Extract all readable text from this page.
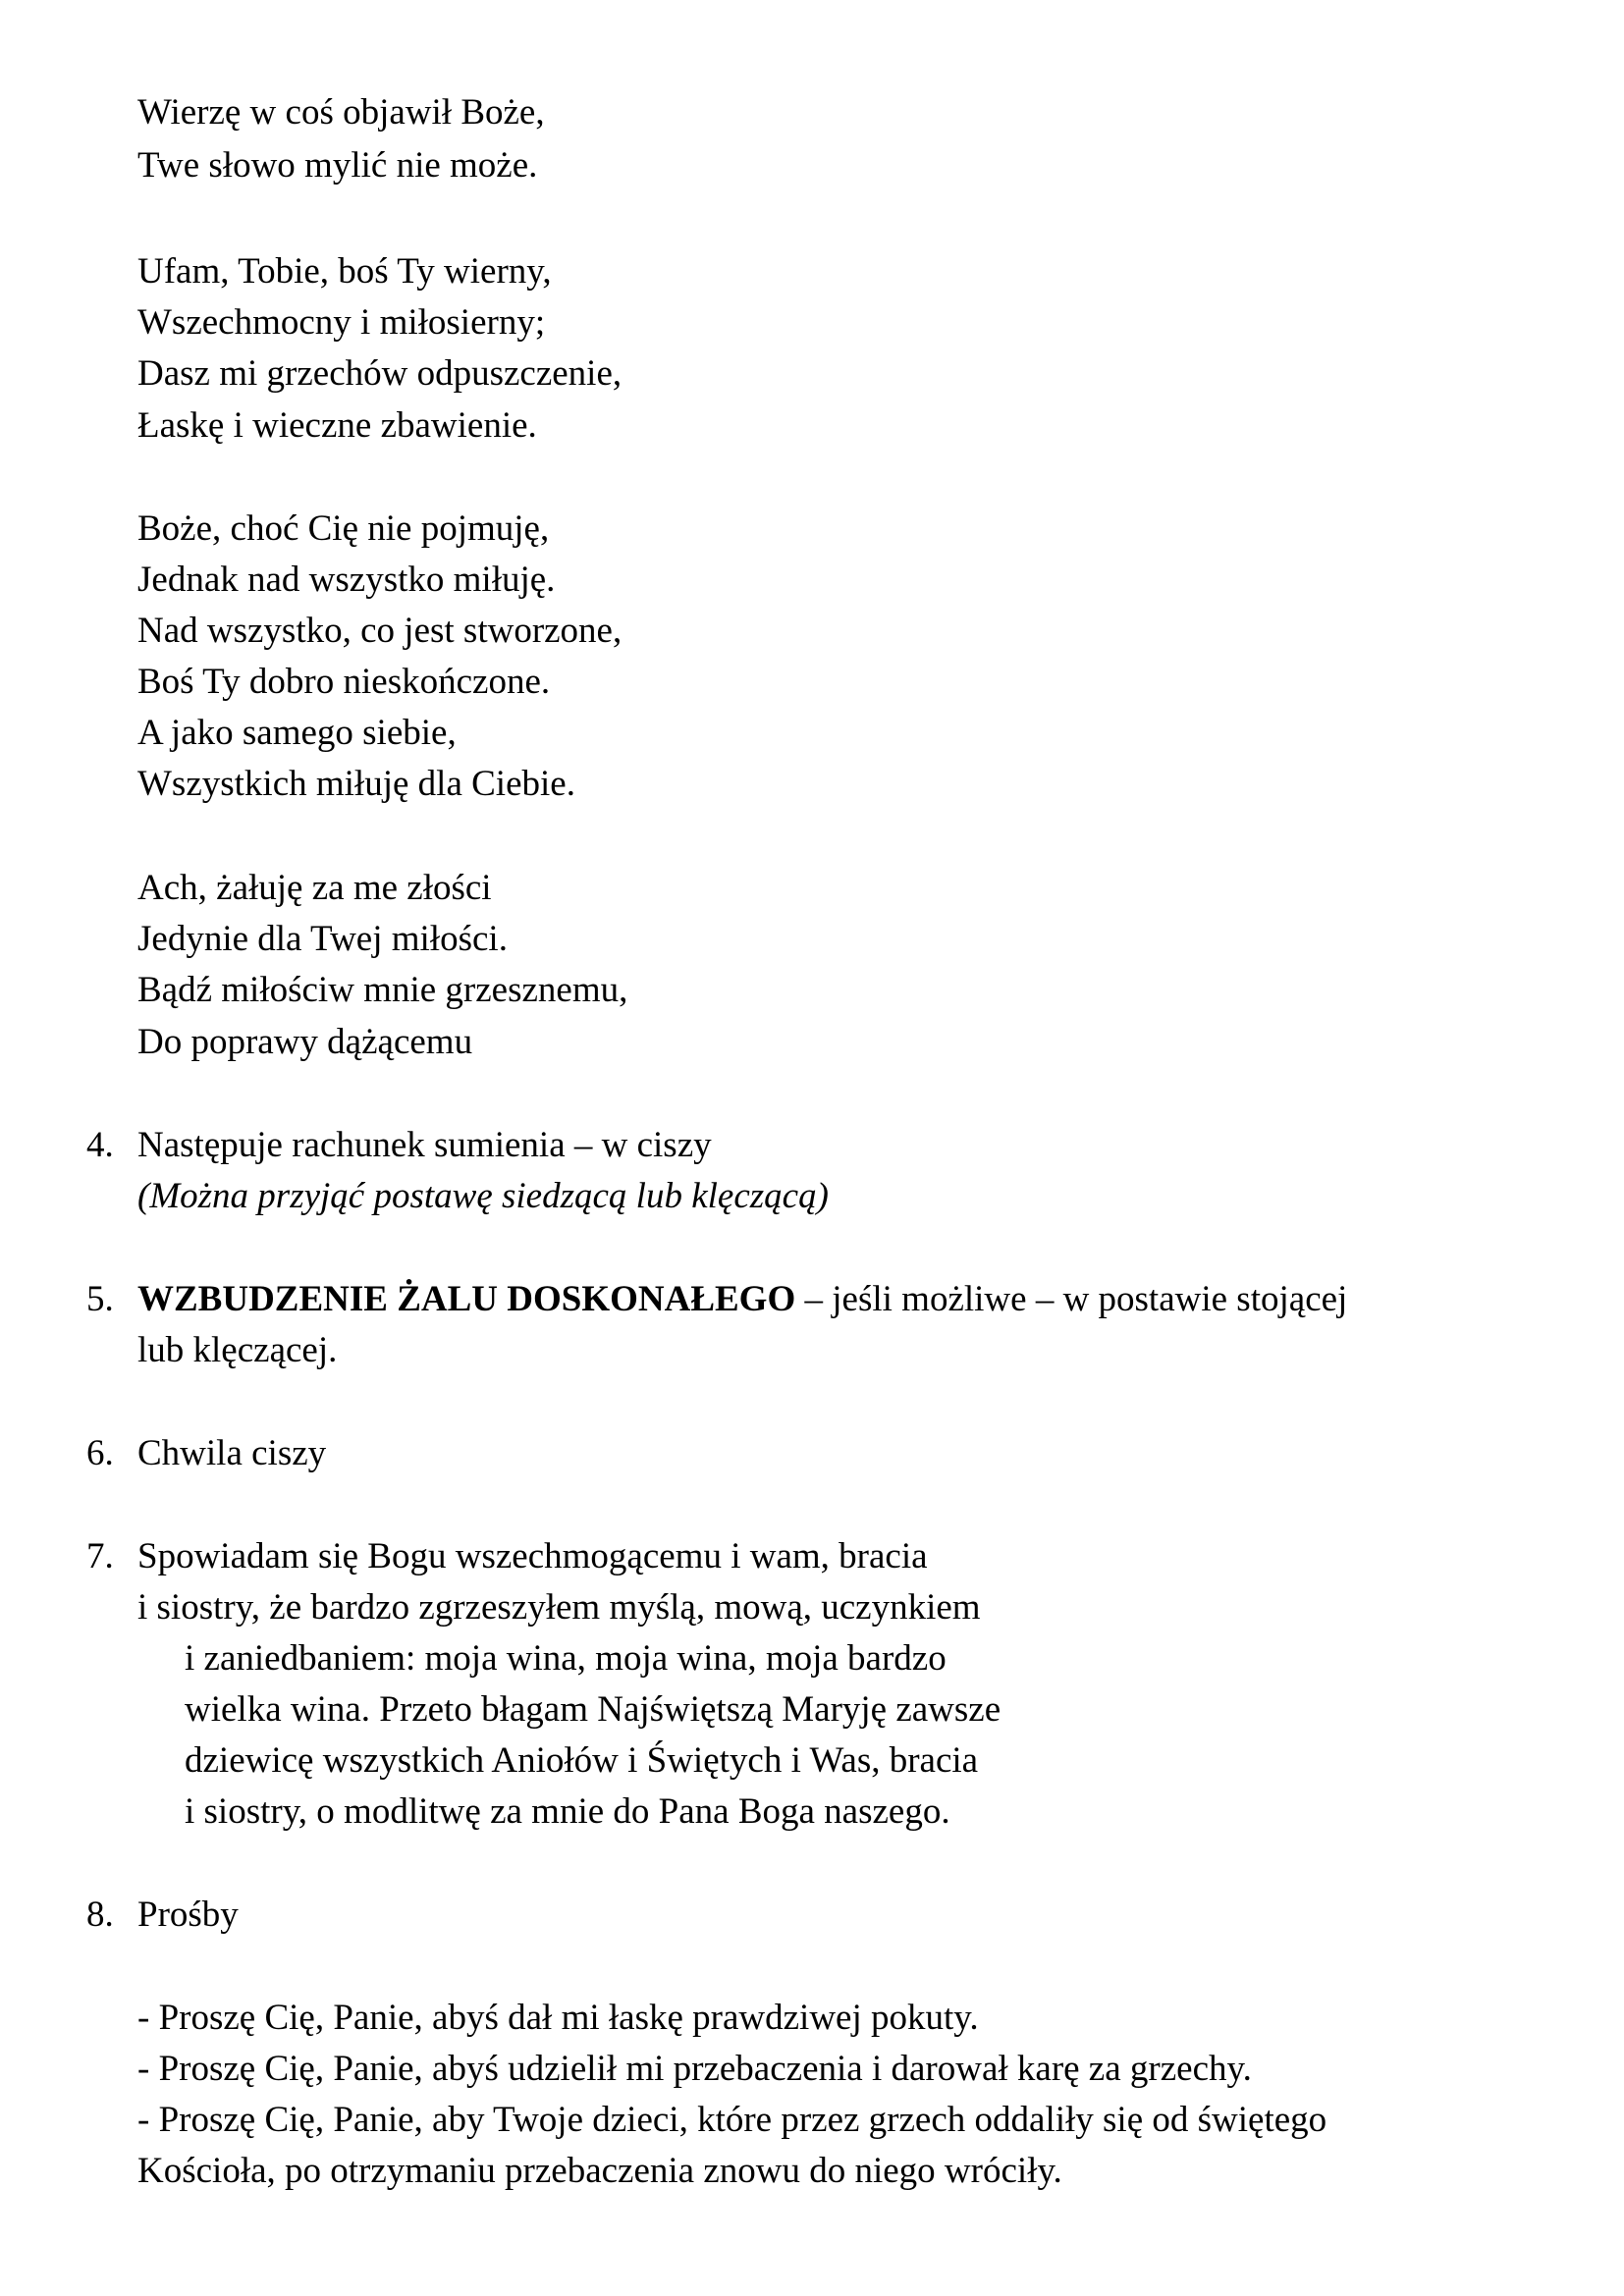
Wierzę w coś objawił Boże,
Twe słowo mylić nie może.
Ufam, Tobie, boś Ty wierny,
Wszechmocny i miłosierny;
Dasz mi grzechów odpuszczenie,
Łaskę i wieczne zbawienie.
Boże, choć Cię nie pojmuję,
Jednak nad wszystko miłuję.
Nad wszystko, co jest stworzone,
Boś Ty dobro nieskończone.
A jako samego siebie,
Wszystkich miłuję dla Ciebie.
Ach, żałuję za me złości
Jedynie dla Twej miłości.
Bądź miłościw mnie grzesznemu,
Do poprawy dążącemu
4. Następuje rachunek sumienia – w ciszy
(Można przyjąć postawę siedzącą lub klęczącą)
5. WZBUDZENIE ŻALU DOSKONAŁEGO – jeśli możliwe – w postawie stojącej
lub klęczącej.
6. Chwila ciszy
7. Spowiadam się Bogu wszechmogącemu i wam, bracia
i siostry, że bardzo zgrzeszyłem myślą, mową, uczynkiem
i zaniedbaniem: moja wina, moja wina, moja bardzo
wielka wina. Przeto błagam Najświętszą Maryję zawsze
dziewicę wszystkich Aniołów i Świętych i Was, bracia
i siostry, o modlitwę za mnie do Pana Boga naszego.
8. Prośby
- Proszę Cię, Panie, abyś dał mi łaskę prawdziwej pokuty.
- Proszę Cię, Panie, abyś udzielił mi przebaczenia i darował karę za grzechy.
- Proszę Cię, Panie, aby Twoje dzieci, które przez grzech oddaliły się od świętego
Kościoła, po otrzymaniu przebaczenia znowu do niego wróciły.
